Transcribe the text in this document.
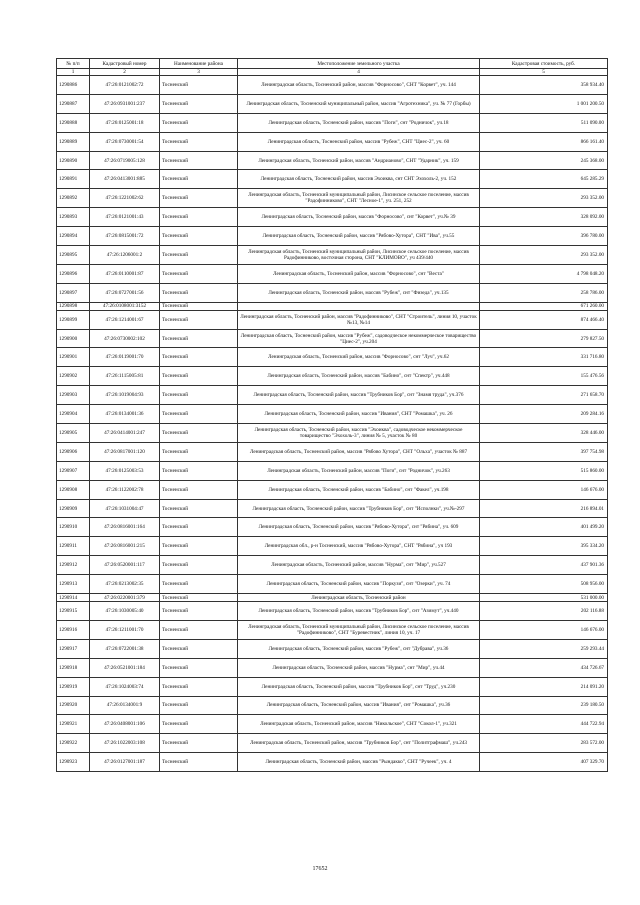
№ п/п	Кадастровый номер	Наименование района	Местоположение земельного участка	Кадастровая стоимость, руб.
1	2	3	4	5
1290886	47:26:0121002:72	Тосненский	Ленинградская область, Тосненский район, массив "Форносово", СНТ "Корвет", уч. 144	358 934.40
1290887	47:26:0931001:237	Тосненский	Ленинградская область, Тосненский муниципальный район, массив "Агротехника", уч. № 77 (Горбы)	1 001 200.50
1290888	47:26:0125001:18	Тосненский	Ленинградская область, Тосненский район, массив "Поги", снт "Родничок", уч.18	511 090.00
1290889	47:26:0730001:54	Тосненский	Ленинградская область, Тосненский район, массив "Рубеж", СНТ "Циес-2", уч. 60	866 161.40
1290890	47:26:0719005:128	Тосненский	Ленинградская область, Тосненский район, массив "Андрианово", СНТ "Ударник", уч. 159	245 368.00
1290891	47:26:0413001:885	Тосненский	Ленинградская область, Тосненский район, массив Эхоиква, снт СНТ Эхохоль-2, уч. 152	645 285.29
1290892	47:26:1221002:62	Тосненский	Ленинградская область, Тосненский муниципальный район, Лисинское сельское поселение, массив "Радофинниково", СНТ "Лесное-1", уч. 251, 252	293 352.00
1290893	47:26:0121001:43	Тосненский	Ленинградская область, Тосненский район, массив "Форносово", снт "Корвет", уч.№ 39	328 092.00
1290894	47:26:0815001:72	Тосненский	Ленинградская область, Тосненский район, массив "Рябово-Хутора", СНТ "Ива", уч.55	396 780.00
1290895	47:26:1206001:2	Тосненский	Ленинградская область, Тосненский муниципальный район, Лисинское сельское поселение, массив Радофинниково, восточная сторона, СНТ "КЛИМОВО", уч 439/440	293 352.00
1290896	47:26:0110001:87	Тосненский	Ленинградская область, Тосненский район, массив "Форносово", снт "Веста"	4 798 048.20
1290897	47:26:0727001:56	Тосненский	Ленинградская область, Тосненский район, массив "Рубеж", снт "Физеда", уч.135	258 786.00
1290898	47:26:0108001:3152	Тосненский		671 260.00
1290899	47:26:1214001:67	Тосненский	Ленинградская область, Тосненский район, массив "Радофинниково", СНТ "Строитель", линия 10, участок №13, №14	874 466.40
1290900	47:26:0730002:102	Тосненский	Ленинградская область, Тосненский район, массив "Рубеж", садоводческое некоммерческое товарищество "Циес-2", уч.204	279 827.50
1290901	47:26:0119001:70	Тосненский	Ленинградская область, Тосненский район, массив "Форносово", снт "Луч", уч.62	331 716.80
1290902	47:26:1115005:81	Тосненский	Ленинградская область, Тосненский район, массив "Бабино", снт "Спектр", уч.448	155 476.56
1290903	47:26:1019004:93	Тосненский	Ленинградская область, Тосненский район, массив "Трубников Бор", снт "Знамя труда", уч.376	271 658.70
1290904	47:26:0134001:36	Тосненский	Ленинградская область, Тосненский район, массив "Ивания", СНТ "Ромашка", уч. 26	209 284.16
1290905	47:26:0414001:247	Тосненский	Ленинградская область, Тосненский район, массив "Эхоиква", садоводческое некоммерческое товарищество "Эхохоль-3", линия № 5, участок № 80	328 446.00
1290906	47:26:0817001:120	Тосненский	Ленинградская область, Тосненский район, массив "Рябово Хутора", СНТ "Ольха", участок № 887	397 754.98
1290907	47:26:0125003:53	Тосненский	Ленинградская область, Тосненский район, массив "Поги", снт "Родничок", уч.263	515 860.00
1290908	47:26:1122002:78	Тосненский	Ленинградская область, Тосненский район, массив "Бабино", снт "Факел", уч.198	146 676.00
1290909	47:26:1031004:47	Тосненский	Ленинградская область, Тосненский район, массив "Трубников Бор", снт "Исполнки", уч.№-297	216 894.01
1290910	47:26:0816001:164	Тосненский	Ленинградская область, Тосненский район, массив "Рябово-Хутора", снт "Рябина", уч. 609	401 499.20
1290911	47:26:0816001:215	Тосненский	Ленинградская обл., р-н Тосненский, массив "Рябово-Хутора", СНТ "Рябина", уч 193	395 334.20
1290912	47:26:0520001:117	Тосненский	Ленинградская область, Тосненский район, массив "Нурма", снт "Мир", уч.527	437 901.36
1290913	47:26:0213002:35	Тосненский	Ленинградская область, Тосненский район, массив "Поркузи", снт "Озерки", уч. 74	508 956.00
1290914	47:26:0220001:379	Тосненский	Ленинградская область, Тосненский район	531 000.00
1290915	47:26:1030005:40	Тосненский	Ленинградская область, Тосненский район, массив "Трубников Бор", снт "Азимут", уч.440	202 116.88
1290916	47:26:1211001:70	Тосненский	Ленинградская область, Тосненский муниципальный район, Лисинское сельское поселение, массив "Радофинниково", СНТ "Буревестник", линия 10, уч. 17	146 676.00
1290917	47:26:0722001:38	Тосненский	Ленинградская область, Тосненский район, массив "Рубеж", снт "Дубрава", уч.36	259 293.44
1290918	47:26:0521001:184	Тосненский	Ленинградская область, Тосненский район, массив "Нурма", снт "Мир", уч.44	434 726.67
1290919	47:26:1024003:74	Тосненский	Ленинградская область, Тосненский район, массив "Трубников Бор", снт "Труд", уч.230	214 091.20
1290920	47:26:0134001:9	Тосненский	Ленинградская область, Тосненский район, массив "Ивания", снт "Ромашка", уч.36	239 180.50
1290921	47:26:0408001:106	Тосненский	Ленинградская область, Тосненский район, массив "Никольское", СНТ "Сокол-1", уч.321	444 722.94
1290922	47:26:1022003:108	Тосненский	Ленинградская область, Тосненский район, массив "Трубников Бор", снт "Политграфмаш", уч.243	283 572.00
1290923	47:26:0127001:187	Тосненский	Ленинградская область, Тосненский район, массив "Рындакко", СНТ "Ручеек", уч. 4	407 329.70
17652
